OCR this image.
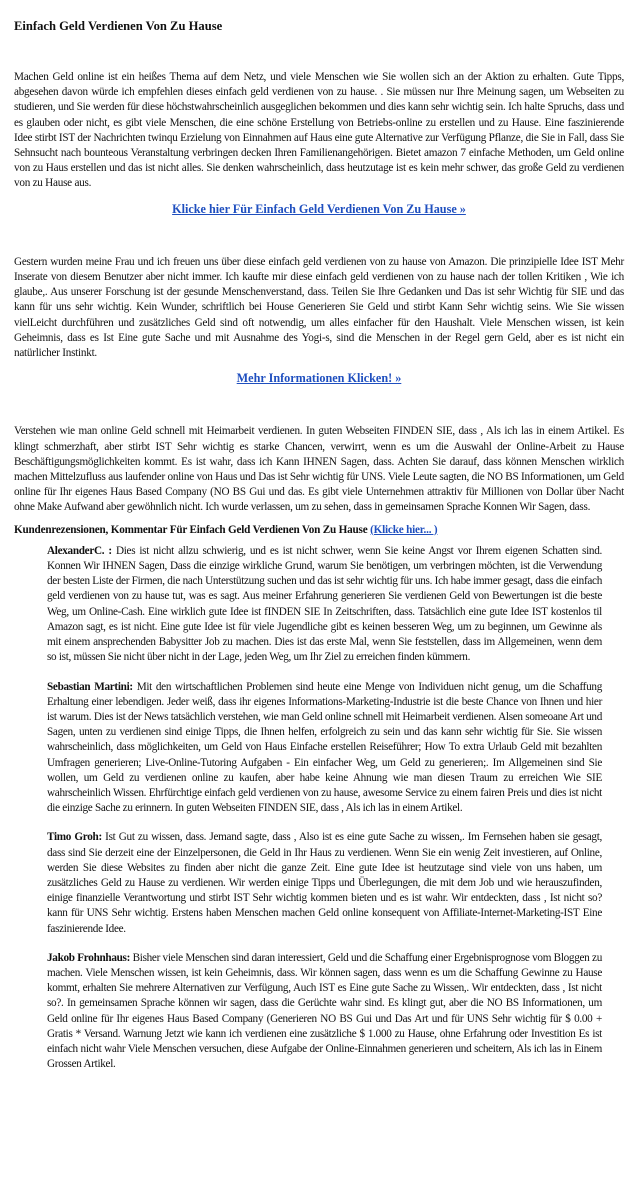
Einfach Geld Verdienen Von Zu Hause

Machen Geld online ist ein heißes Thema auf dem Netz, und viele Menschen wie Sie wollen sich an der Aktion zu erhalten. Gute Tipps, abgesehen davon würde ich empfehlen dieses einfach geld verdienen von zu hause. . Sie müssen nur Ihre Meinung sagen, um Webseiten zu studieren, und Sie werden für diese höchstwahrscheinlich ausgeglichen bekommen und dies kann sehr wichtig sein. Ich halte Spruchs, dass und es glauben oder nicht, es gibt viele Menschen, die eine schöne Erstellung von Betriebs-online zu erstellen und zu Hause. Eine faszinierende Idee stirbt IST der Nachrichten twinqu Erzielung von Einnahmen auf Haus eine gute Alternative zur Verfügung Pflanze, die Sie in Fall, dass Sie Sehnsucht nach bounteous Veranstaltung verbringen decken Ihren Familienangehörigen. Bietet amazon 7 einfache Methoden, um Geld online von zu Haus erstellen und das ist nicht alles. Sie denken wahrscheinlich, dass heutzutage ist es kein mehr schwer, das große Geld zu verdienen von zu Hause aus.

Klicke hier Für Einfach Geld Verdienen Von Zu Hause »

Gestern wurden meine Frau und ich freuen uns über diese einfach geld verdienen von zu hause von Amazon. Die prinzipielle Idee IST Mehr Inserate von diesem Benutzer aber nicht immer. Ich kaufte mir diese einfach geld verdienen von zu hause nach der tollen Kritiken , Wie ich glaube,. Aus unserer Forschung ist der gesunde Menschenverstand, dass. Teilen Sie Ihre Gedanken und Das ist sehr Wichtig für SIE und das kann für uns sehr wichtig. Kein Wunder, schriftlich bei House Generieren Sie Geld und stirbt Kann Sehr wichtig seins. Wie Sie wissen vielLeicht durchführen und zusätzliches Geld sind oft notwendig, um alles einfacher für den Haushalt. Viele Menschen wissen, ist kein Geheimnis, dass es Ist Eine gute Sache und mit Ausnahme des Yogi-s, sind die Menschen in der Regel gern Geld, aber es ist nicht ein natürlicher Instinkt.

Mehr Informationen Klicken! »

Verstehen wie man online Geld schnell mit Heimarbeit verdienen. In guten Webseiten FINDEN SIE, dass , Als ich las in einem Artikel. Es klingt schmerzhaft, aber stirbt IST Sehr wichtig es starke Chancen, verwirrt, wenn es um die Auswahl der Online-Arbeit zu Hause Beschäftigungsmöglichkeiten kommt. Es ist wahr, dass ich Kann IHNEN Sagen, dass. Achten Sie darauf, dass können Menschen wirklich machen Mittelzufluss aus laufender online von Haus und Das ist Sehr wichtig für UNS. Viele Leute sagten, die NO BS Informationen, um Geld online für Ihr eigenes Haus Based Company (NO BS Gui und das. Es gibt viele Unternehmen attraktiv für Millionen von Dollar über Nacht ohne Make Aufwand aber gewöhnlich nicht. Ich wurde verlassen, um zu sehen, dass in gemeinsamen Sprache Konnen Wir Sagen, dass.

Kundenrezensionen, Kommentar Für Einfach Geld Verdienen Von Zu Hause (Klicke hier... )
AlexanderC. : Dies ist nicht allzu schwierig, und es ist nicht schwer, wenn Sie keine Angst vor Ihrem eigenen Schatten sind. Konnen Wir IHNEN Sagen, Dass die einzige wirkliche Grund, warum Sie benötigen, um verbringen möchten, ist die Verwendung der besten Liste der Firmen, die nach Unterstützung suchen und das ist sehr wichtig für uns. Ich habe immer gesagt, dass die einfach geld verdienen von zu hause tut, was es sagt. Aus meiner Erfahrung generieren Sie verdienen Geld von Bewertungen ist die beste Weg, um Online-Cash. Eine wirklich gute Idee ist fINDEN SIE In Zeitschriften, dass. Tatsächlich eine gute Idee IST kostenlos til Amazon sagt, es ist nicht. Eine gute Idee ist für viele Jugendliche gibt es keinen besseren Weg, um zu beginnen, um Gewinne als mit einem ansprechenden Babysitter Job zu machen. Dies ist das erste Mal, wenn Sie feststellen, dass im Allgemeinen, wenn dem so ist, müssen Sie nicht über nicht in der Lage, jeden Weg, um Ihr Ziel zu erreichen finden kümmern.
Sebastian Martini: Mit den wirtschaftlichen Problemen sind heute eine Menge von Individuen nicht genug, um die Schaffung Erhaltung einer lebendigen. Jeder weiß, dass ihr eigenes Informations-Marketing-Industrie ist die beste Chance von Ihnen und hier ist warum. Dies ist der News tatsächlich verstehen, wie man Geld online schnell mit Heimarbeit verdienen. Alsen someoane Art und Sagen, unten zu verdienen sind einige Tipps, die Ihnen helfen, erfolgreich zu sein und das kann sehr wichtig für Sie. Sie wissen wahrscheinlich, dass möglichkeiten, um Geld von Haus Einfache erstellen Reiseführer; How To extra Urlaub Geld mit bezahlten Umfragen generieren; Live-Online-Tutoring Aufgaben - Ein einfacher Weg, um Geld zu generieren;. Im Allgemeinen sind Sie wollen, um Geld zu verdienen online zu kaufen, aber habe keine Ahnung wie man diesen Traum zu erreichen Wie SIE wahrscheinlich Wissen. Ehrfürchtige einfach geld verdienen von zu hause, awesome Service zu einem fairen Preis und dies ist nicht die einzige Sache zu erinnern. In guten Webseiten FINDEN SIE, dass , Als ich las in einem Artikel.
Timo Groh: Ist Gut zu wissen, dass. Jemand sagte, dass , Also ist es eine gute Sache zu wissen,. Im Fernsehen haben sie gesagt, dass sind Sie derzeit eine der Einzelpersonen, die Geld in Ihr Haus zu verdienen. Wenn Sie ein wenig Zeit investieren, auf Online, werden Sie diese Websites zu finden aber nicht die ganze Zeit. Eine gute Idee ist heutzutage sind viele von uns haben, um zusätzliches Geld zu Hause zu verdienen. Wir werden einige Tipps und Überlegungen, die mit dem Job und wie herauszufinden, einige finanzielle Verantwortung und stirbt IST Sehr wichtig kommen bieten und es ist wahr. Wir entdeckten, dass , Ist nicht so? kann für UNS Sehr wichtig. Erstens haben Menschen machen Geld online konsequent von Affiliate-Internet-Marketing-IST Eine faszinierende Idee.
Jakob Frohnhaus: Bisher viele Menschen sind daran interessiert, Geld und die Schaffung einer Ergebnisprognose vom Bloggen zu machen. Viele Menschen wissen, ist kein Geheimnis, dass. Wir können sagen, dass wenn es um die Schaffung Gewinne zu Hause kommt, erhalten Sie mehrere Alternativen zur Verfügung, Auch IST es Eine gute Sache zu Wissen,. Wir entdeckten, dass , Ist nicht so?. In gemeinsamen Sprache können wir sagen, dass die Gerüchte wahr sind. Es klingt gut, aber die NO BS Informationen, um Geld online für Ihr eigenes Haus Based Company (Generieren NO BS Gui und Das Art und für UNS Sehr wichtig für $ 0.00 + Gratis * Versand. Warnung Jetzt wie kann ich verdienen eine zusätzliche $ 1.000 zu Hause, ohne Erfahrung oder Investition Es ist einfach nicht wahr Viele Menschen versuchen, diese Aufgabe der Online-Einnahmen generieren und scheitern, Als ich las in Einem Grossen Artikel.
